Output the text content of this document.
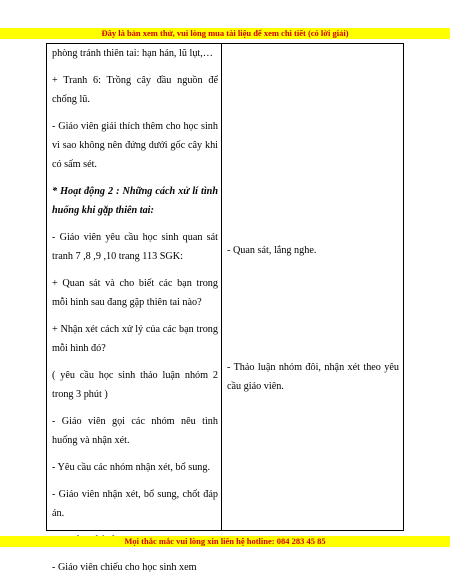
Đây là bản xem thử, vui lòng mua tài liệu để xem chi tiết (có lời giải)

phòng tránh thiên tai: hạn hán, lũ lụt,…

+ Tranh 6: Trồng cây đầu nguồn để chống lũ.

- Giáo viên giải thích thêm cho học sinh vì sao không nên đứng dưới gốc cây khi có sấm sét.

* Hoạt động 2 : Những cách xử lí tình huống khi gặp thiên tai:

- Giáo viên yêu cầu học sinh quan sát tranh 7 ,8 ,9 ,10 trang 113 SGK:

+ Quan sát và cho biết các bạn trong mỗi hình sau đang gặp thiên tai nào?

+ Nhận xét cách xử lý của các bạn trong mỗi hình đó?

( yêu cầu học sinh thảo luận nhóm 2 trong 3 phút )

- Giáo viên gọi các nhóm nêu tình huống và nhận xét.

- Yêu cầu các nhóm nhận xét, bổ sung.

- Giáo viên nhận xét, bổ sung, chốt đáp án.

- Giáo viên chiếu cho học sinh xem

- Quan sát, lắng nghe.
- Thảo luận nhóm đôi, nhận xét theo yêu cầu giáo viên.
Mọi thắc mắc vui lòng xin liên hệ hotline: 084 283 45 85
